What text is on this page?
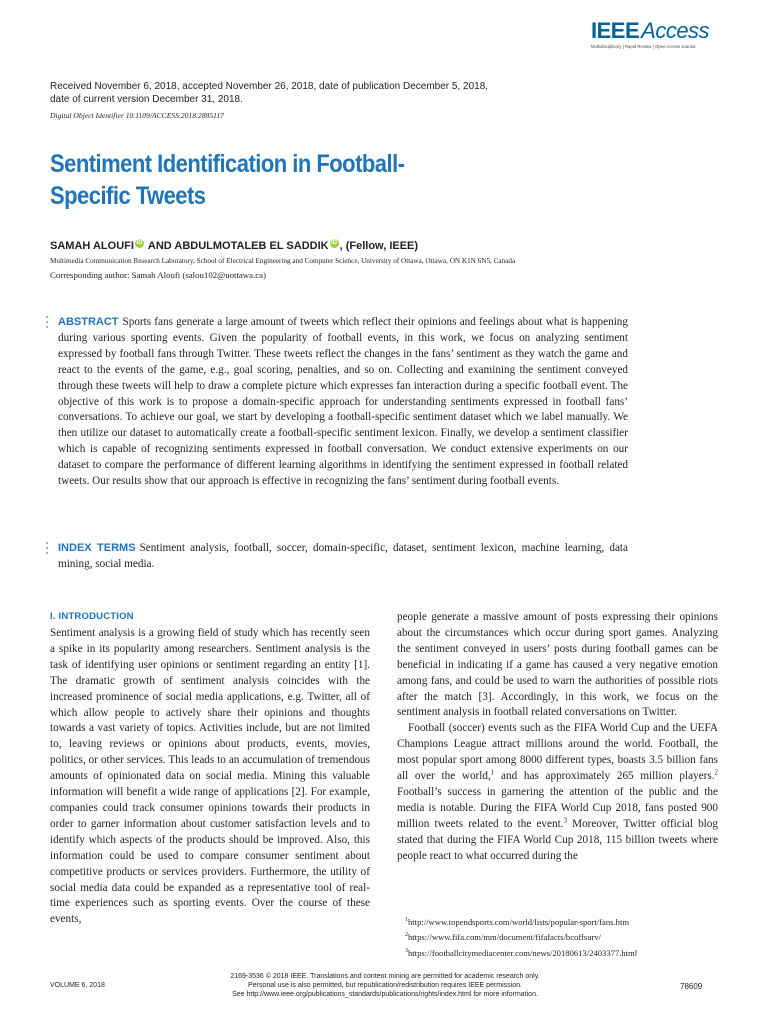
IEEEAccess
Multidisciplinary | Rapid Review | Open Access Journal
Received November 6, 2018, accepted November 26, 2018, date of publication December 5, 2018, date of current version December 31, 2018.
Digital Object Identifier 10.1109/ACCESS.2018.2885117
Sentiment Identification in Football-Specific Tweets
SAMAH ALOUFI iD AND ABDULMOTALEB EL SADDIK iD , (Fellow, IEEE)
Multimedia Communication Research Laboratory, School of Electrical Engineering and Computer Science, University of Ottawa, Ottawa, ON K1N 6N5, Canada
Corresponding author: Samah Aloufi (salou102@uottawa.ca)
ABSTRACT Sports fans generate a large amount of tweets which reflect their opinions and feelings about what is happening during various sporting events. Given the popularity of football events, in this work, we focus on analyzing sentiment expressed by football fans through Twitter. These tweets reflect the changes in the fans’ sentiment as they watch the game and react to the events of the game, e.g., goal scoring, penalties, and so on. Collecting and examining the sentiment conveyed through these tweets will help to draw a complete picture which expresses fan interaction during a specific football event. The objective of this work is to propose a domain-specific approach for understanding sentiments expressed in football fans’ conversations. To achieve our goal, we start by developing a football-specific sentiment dataset which we label manually. We then utilize our dataset to automatically create a football-specific sentiment lexicon. Finally, we develop a sentiment classifier which is capable of recognizing sentiments expressed in football conversation. We conduct extensive experiments on our dataset to compare the performance of different learning algorithms in identifying the sentiment expressed in football related tweets. Our results show that our approach is effective in recognizing the fans’ sentiment during football events.
INDEX TERMS Sentiment analysis, football, soccer, domain-specific, dataset, sentiment lexicon, machine learning, data mining, social media.
I. INTRODUCTION
Sentiment analysis is a growing field of study which has recently seen a spike in its popularity among researchers. Sentiment analysis is the task of identifying user opinions or sentiment regarding an entity [1]. The dramatic growth of sentiment analysis coincides with the increased prominence of social media applications, e.g. Twitter, all of which allow people to actively share their opinions and thoughts towards a vast variety of topics. Activities include, but are not limited to, leaving reviews or opinions about products, events, movies, politics, or other services. This leads to an accumulation of tremendous amounts of opinionated data on social media. Mining this valuable information will benefit a wide range of applications [2]. For example, companies could track consumer opinions towards their products in order to garner information about customer satisfaction levels and to identify which aspects of the products should be improved. Also, this information could be used to compare consumer sentiment about competitive products or services providers. Furthermore, the utility of social media data could be expanded as a representative tool of real-time experiences such as sporting events. Over the course of these events,
people generate a massive amount of posts expressing their opinions about the circumstances which occur during sport games. Analyzing the sentiment conveyed in users’ posts during football games can be beneficial in indicating if a game has caused a very negative emotion among fans, and could be used to warn the authorities of possible riots after the match [3]. Accordingly, in this work, we focus on the sentiment analysis in football related conversations on Twitter.
Football (soccer) events such as the FIFA World Cup and the UEFA Champions League attract millions around the world. Football, the most popular sport among 8000 different types, boasts 3.5 billion fans all over the world,$^1$ and has approximately 265 million players.$^2$ Football’s success in garnering the attention of the public and the media is notable. During the FIFA World Cup 2018, fans posted 900 million tweets related to the event.$^3$ Moreover, Twitter official blog stated that during the FIFA World Cup 2018, 115 billion tweets where people react to what occurred during the
$^1$http://www.topendsports.com/world/lists/popular-sport/fans.htm
$^2$https://www.fifa.com/mm/document/fifafacts/bcoffsurv/
$^3$https://footballcitymediacenter.com/news/20180613/2403377.html
VOLUME 6, 2018
2169-3536 © 2018 IEEE. Translations and content mining are permitted for academic research only.
Personal use is also permitted, but republication/redistribution requires IEEE permission.
See http://www.ieee.org/publications_standards/publications/rights/index.html for more information.
78609
